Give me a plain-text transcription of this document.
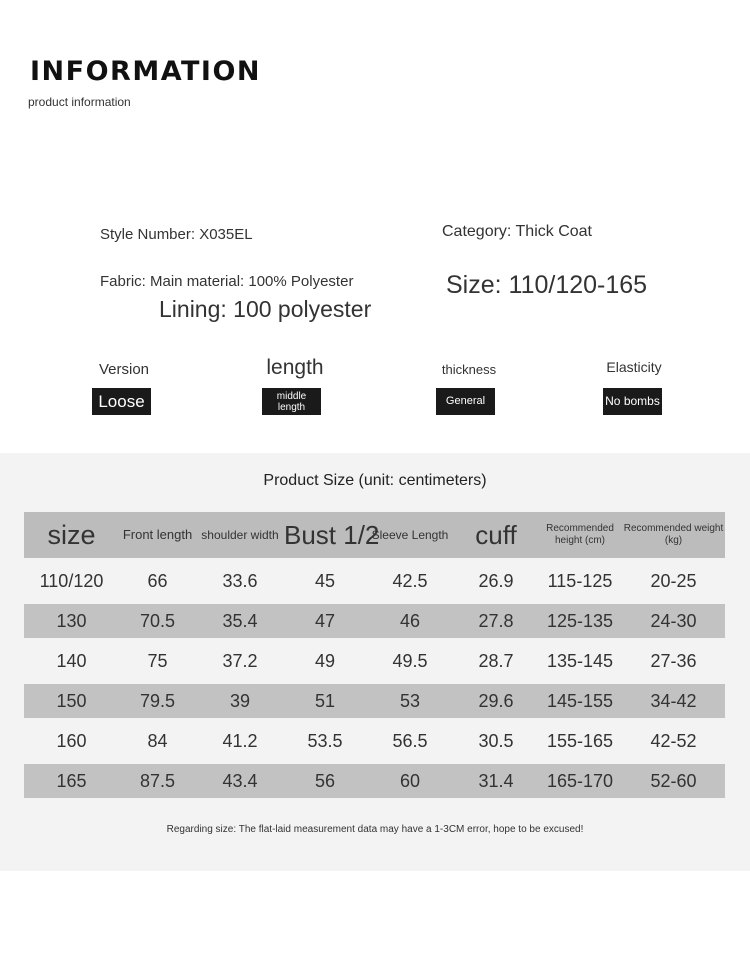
INFORMATION
product information
Style Number: X035EL	Category: Thick Coat
Fabric: Main material: 100% Polyester	Size: 110/120-165
Lining: 100 polyester
Version
Loose
length
middle length
thickness
General
Elasticity
No bombs
Product Size (unit: centimeters)
size	Front length	shoulder width	Bust 1/2	Sleeve Length	cuff	Recommended height (cm)	Recommended weight (kg)
110/120	66	33.6	45	42.5	26.9	115-125	20-25
130	70.5	35.4	47	46	27.8	125-135	24-30
140	75	37.2	49	49.5	28.7	135-145	27-36
150	79.5	39	51	53	29.6	145-155	34-42
160	84	41.2	53.5	56.5	30.5	155-165	42-52
165	87.5	43.4	56	60	31.4	165-170	52-60
Regarding size: The flat-laid measurement data may have a 1-3CM error, hope to be excused!
